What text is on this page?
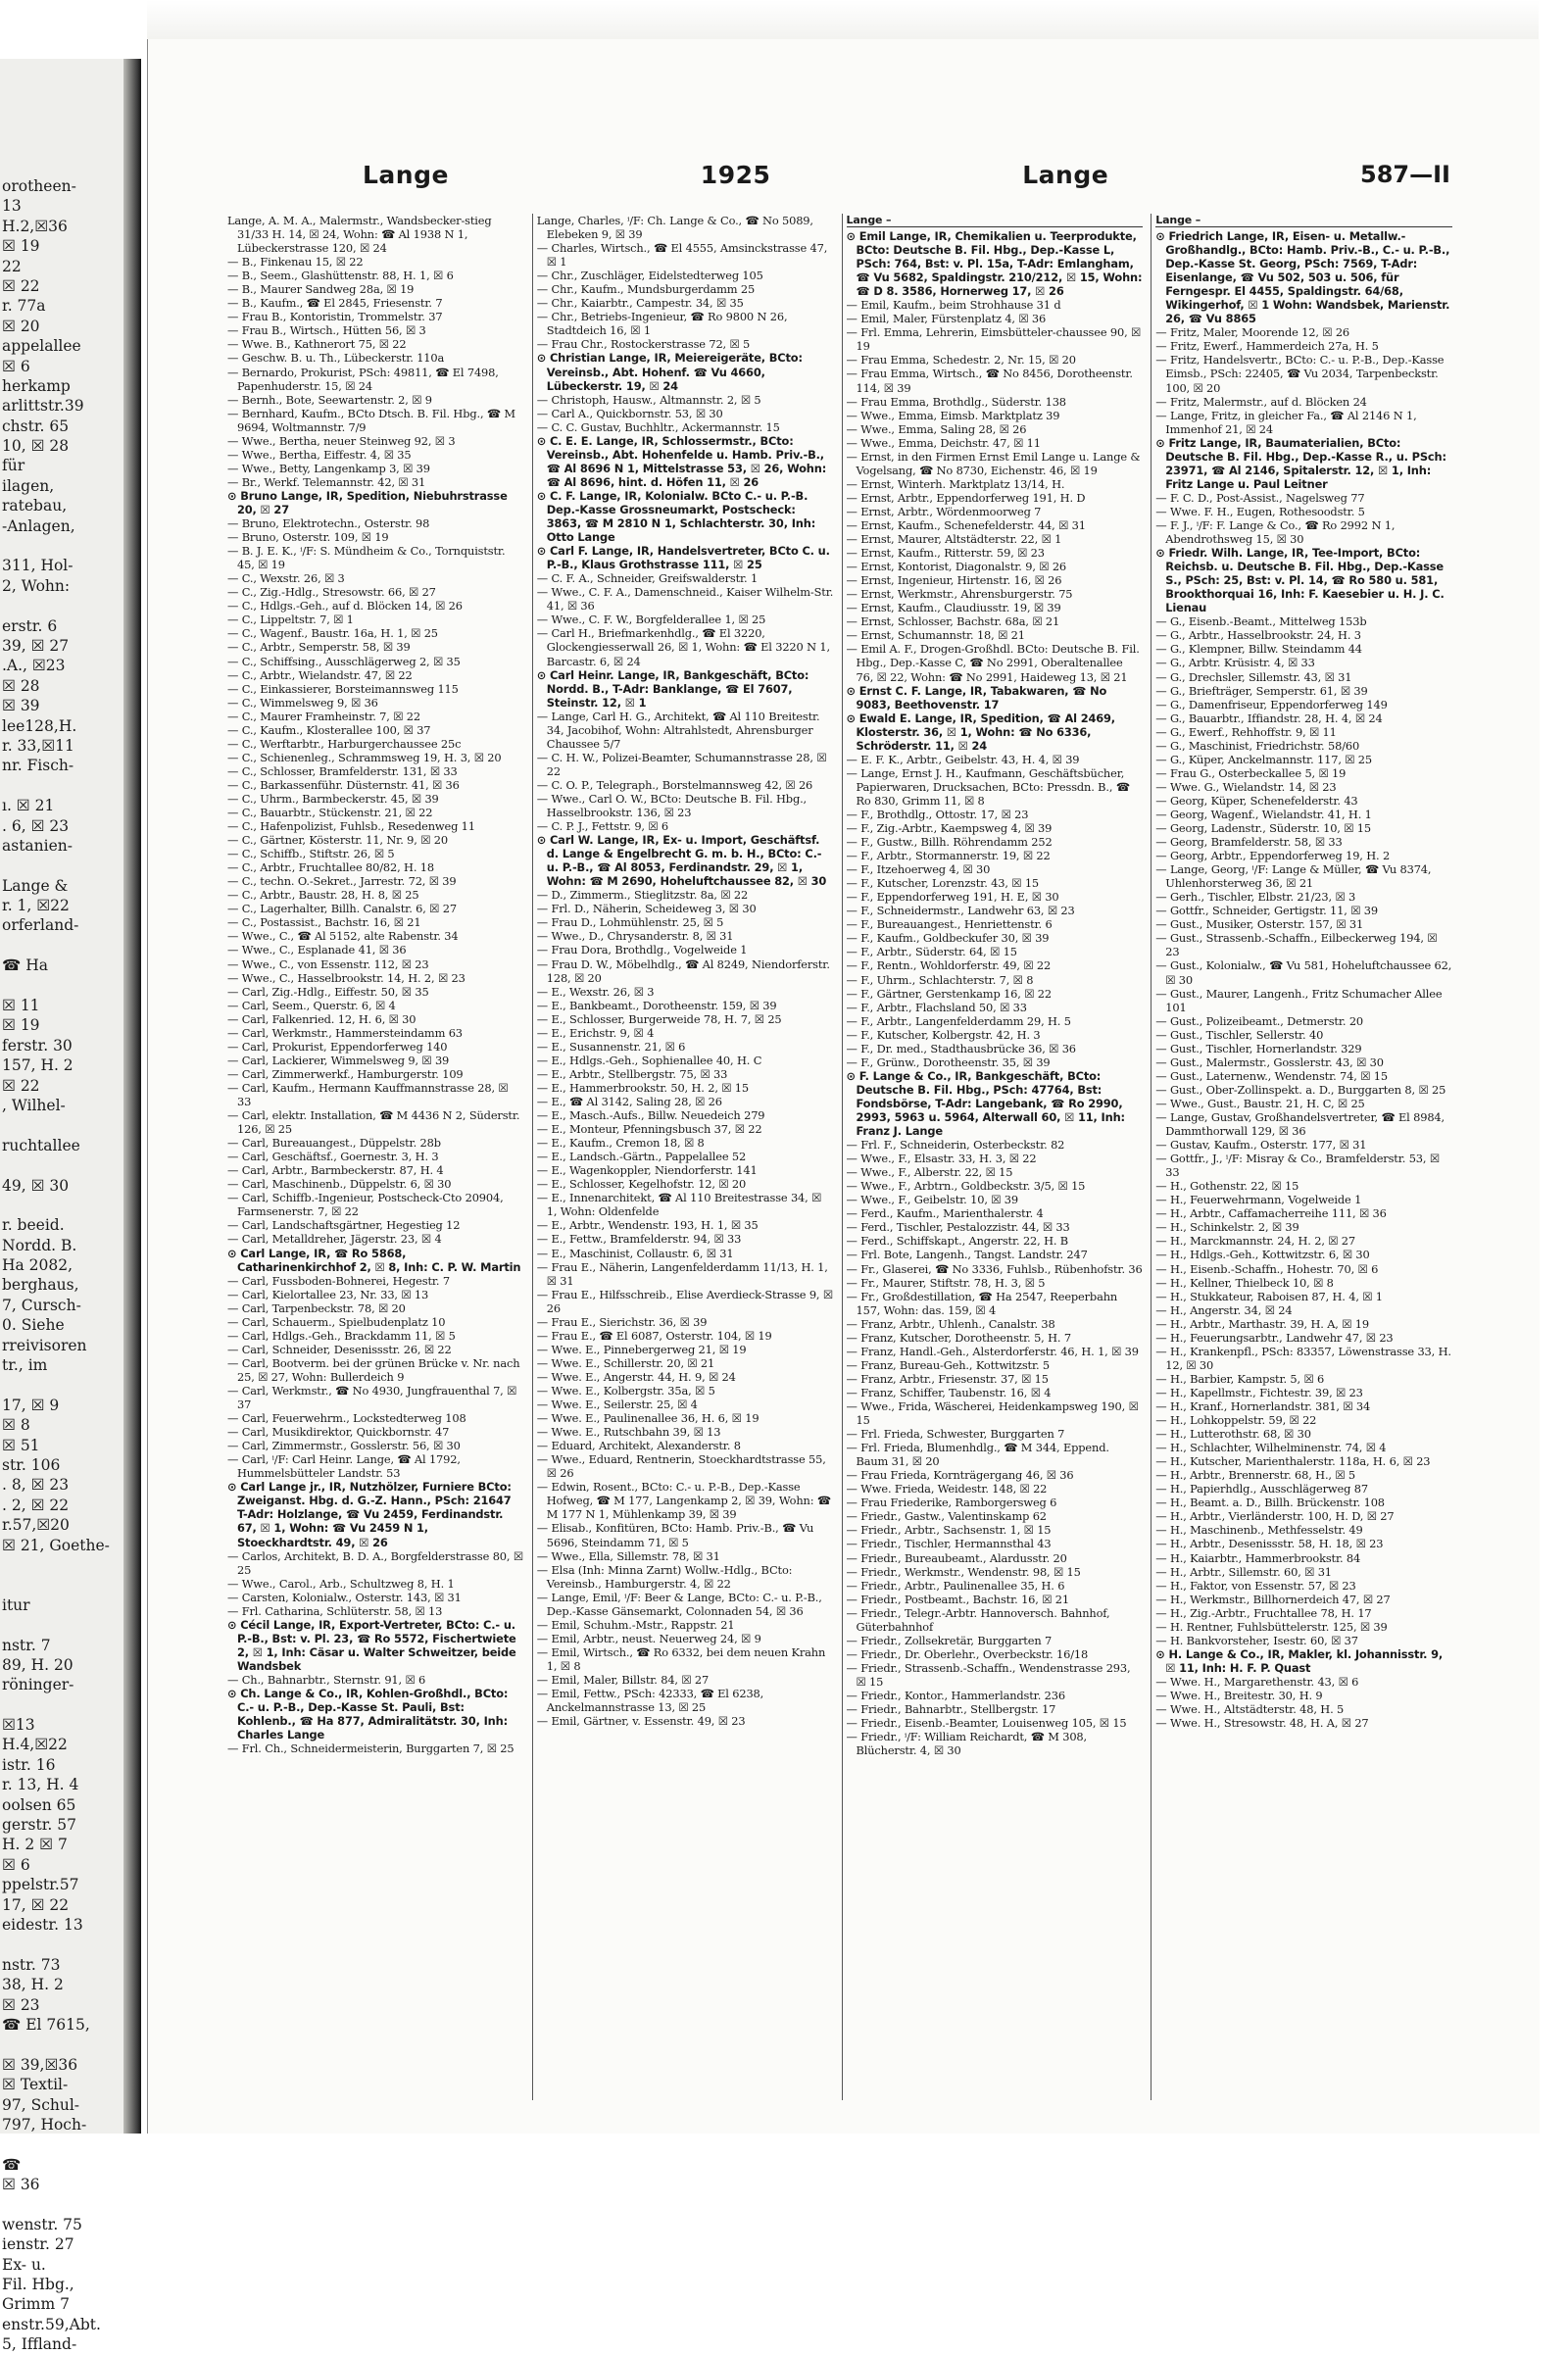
orotheen-
13
H.2,☒36
☒ 19
22
☒ 22
r. 77a
☒ 20
appelallee
☒ 6
herkamp
arlittstr.39
chstr. 65
10, ☒ 28
für
ilagen,
ratebau,
-Anlagen,
311, Hol-
2, Wohn:
erstr. 6
39, ☒ 27
.A., ☒23
☒ 28
☒ 39
lee128,H.
r. 33,☒11
nr. Fisch-
ı. ☒ 21
. 6, ☒ 23
astanien-
Lange &
r. 1, ☒22
orferland-
☎ Ha
☒ 11
☒ 19
ferstr. 30
157, H. 2
☒ 22
, Wilhel-
ruchtallee
49, ☒ 30
r. beeid.
Nordd. B.
Ha 2082,
berghaus,
7, Cursch-
0. Siehe
rreivisoren
tr., im
17, ☒ 9
☒ 8
☒ 51
str. 106
. 8, ☒ 23
. 2, ☒ 22
r.57,☒20
☒ 21, Goethe-
itur
nstr. 7
89, H. 20
röninger-
☒13
H.4,☒22
istr. 16
r. 13, H. 4
oolsen 65
gerstr. 57
H. 2 ☒ 7
☒ 6
ppelstr.57
17, ☒ 22
eidestr. 13
nstr. 73
38, H. 2
☒ 23
☎ El 7615,
☒ 39,☒36
☒ Textil-
97, Schul-
797, Hoch-
☎
☒ 36
wenstr. 75
ienstr. 27
Ex- u.
Fil. Hbg.,
Grimm 7
enstr.59,Abt.
5, Iffland-
Lange	1925	Lange	587—II
Lange, A. M. A., Malermstr., Wandsbecker-stieg 31/33 H. 14, ☒ 24, Wohn: ☎ Al 1938 N 1, Lübeckerstrasse 120, ☒ 24
— B., Finkenau 15, ☒ 22
— B., Seem., Glashüttenstr. 88, H. 1, ☒ 6
— B., Maurer Sandweg 28a, ☒ 19
— B., Kaufm., ☎ El 2845, Friesenstr. 7
— Frau B., Kontoristin, Trommelstr. 37
— Frau B., Wirtsch., Hütten 56, ☒ 3
— Wwe. B., Kathnerort 75, ☒ 22
— Geschw. B. u. Th., Lübeckerstr. 110a
— Bernardo, Prokurist, PSch: 49811, ☎ El 7498, Papenhuderstr. 15, ☒ 24
— Bernh., Bote, Seewartenstr. 2, ☒ 9
— Bernhard, Kaufm., BCto Dtsch. B. Fil. Hbg., ☎ M 9694, Woltmannstr. 7/9
— Wwe., Bertha, neuer Steinweg 92, ☒ 3
— Wwe., Bertha, Eiffestr. 4, ☒ 35
— Wwe., Betty, Langenkamp 3, ☒ 39
— Br., Werkf. Telemannstr. 42, ☒ 31
⊙ Bruno Lange, IR, Spedition, Niebuhrstrasse 20, ☒ 27
— Bruno, Elektrotechn., Osterstr. 98
— Bruno, Osterstr. 109, ☒ 19
— B. J. E. K., ⁱ/F: S. Mündheim & Co., Tornquiststr. 45, ☒ 19
— C., Wexstr. 26, ☒ 3
— C., Zig.-Hdlg., Stresowstr. 66, ☒ 27
— C., Hdlgs.-Geh., auf d. Blöcken 14, ☒ 26
— C., Lippeltstr. 7, ☒ 1
— C., Wagenf., Baustr. 16a, H. 1, ☒ 25
— C., Arbtr., Semperstr. 58, ☒ 39
— C., Schiffsing., Ausschlägerweg 2, ☒ 35
— C., Arbtr., Wielandstr. 47, ☒ 22
— C., Einkassierer, Borsteimannsweg 115
— C., Wimmelsweg 9, ☒ 36
— C., Maurer Framheinstr. 7, ☒ 22
— C., Kaufm., Klosterallee 100, ☒ 37
— C., Werftarbtr., Harburgerchaussee 25c
— C., Schienenleg., Schrammsweg 19, H. 3, ☒ 20
— C., Schlosser, Bramfelderstr. 131, ☒ 33
— C., Barkassenführ. Düsternstr. 41, ☒ 36
— C., Uhrm., Barmbeckerstr. 45, ☒ 39
— C., Bauarbtr., Stückenstr. 21, ☒ 22
— C., Hafenpolizist, Fuhlsb., Resedenweg 11
— C., Gärtner, Kösterstr. 11, Nr. 9, ☒ 20
— C., Schiffb., Stiftstr. 26, ☒ 5
— C., Arbtr., Fruchtallee 80/82, H. 18
— C., techn. O.-Sekret., Jarrestr. 72, ☒ 39
— C., Arbtr., Baustr. 28, H. 8, ☒ 25
— C., Lagerhalter, Billh. Canalstr. 6, ☒ 27
— C., Postassist., Bachstr. 16, ☒ 21
— Wwe., C., ☎ Al 5152, alte Rabenstr. 34
— Wwe., C., Esplanade 41, ☒ 36
— Wwe., C., von Essenstr. 112, ☒ 23
— Wwe., C., Hasselbrookstr. 14, H. 2, ☒ 23
— Carl, Zig.-Hdlg., Eiffestr. 50, ☒ 35
— Carl, Seem., Querstr. 6, ☒ 4
— Carl, Falkenried. 12, H. 6, ☒ 30
— Carl, Werkmstr., Hammersteindamm 63
— Carl, Prokurist, Eppendorferweg 140
— Carl, Lackierer, Wimmelsweg 9, ☒ 39
— Carl, Zimmerwerkf., Hamburgerstr. 109
— Carl, Kaufm., Hermann Kauffmannstrasse 28, ☒ 33
— Carl, elektr. Installation, ☎ M 4436 N 2, Süderstr. 126, ☒ 25
— Carl, Bureauangest., Düppelstr. 28b
— Carl, Geschäftsf., Goernestr. 3, H. 3
— Carl, Arbtr., Barmbeckerstr. 87, H. 4
— Carl, Maschinenb., Düppelstr. 6, ☒ 30
— Carl, Schiffb.-Ingenieur, Postscheck-Cto 20904, Farmsenerstr. 7, ☒ 22
— Carl, Landschaftsgärtner, Hegestieg 12
— Carl, Metalldreher, Jägerstr. 23, ☒ 4
⊙ Carl Lange, IR, ☎ Ro 5868, Catharinenkirchhof 2, ☒ 8, Inh: C. P. W. Martin
— Carl, Fussboden-Bohnerei, Hegestr. 7
— Carl, Kielortallee 23, Nr. 33, ☒ 13
— Carl, Tarpenbeckstr. 78, ☒ 20
— Carl, Schauerm., Spielbudenplatz 10
— Carl, Hdlgs.-Geh., Brackdamm 11, ☒ 5
— Carl, Schneider, Desenissstr. 26, ☒ 22
— Carl, Bootverm. bei der grünen Brücke v. Nr. nach 25, ☒ 27, Wohn: Bullerdeich 9
— Carl, Werkmstr., ☎ No 4930, Jungfrauenthal 7, ☒ 37
— Carl, Feuerwehrm., Lockstedterweg 108
— Carl, Musikdirektor, Quickbornstr. 47
— Carl, Zimmermstr., Gosslerstr. 56, ☒ 30
— Carl, ⁱ/F: Carl Heinr. Lange, ☎ Al 1792, Hummelsbütteler Landstr. 53
⊙ Carl Lange jr., IR, Nutzhölzer, Furniere BCto: Zweiganst. Hbg. d. G.-Z. Hann., PSch: 21647 T-Adr: Holzlange, ☎ Vu 2459, Ferdinandstr. 67, ☒ 1, Wohn: ☎ Vu 2459 N 1, Stoeckhardtstr. 49, ☒ 26
— Carlos, Architekt, B. D. A., Borgfelderstrasse 80, ☒ 25
— Wwe., Carol., Arb., Schultzweg 8, H. 1
— Carsten, Kolonialw., Osterstr. 143, ☒ 31
— Frl. Catharina, Schlüterstr. 58, ☒ 13
⊙ Cécil Lange, IR, Export-Vertreter, BCto: C.- u. P.-B., Bst: v. Pl. 23, ☎ Ro 5572, Fischertwiete 2, ☒ 1, Inh: Cäsar u. Walter Schweitzer, beide Wandsbek
— Ch., Bahnarbtr., Sternstr. 91, ☒ 6
⊙ Ch. Lange & Co., IR, Kohlen-Großhdl., BCto: C.- u. P.-B., Dep.-Kasse St. Pauli, Bst: Kohlenb., ☎ Ha 877, Admiralitätstr. 30, Inh: Charles Lange
— Frl. Ch., Schneidermeisterin, Burggarten 7, ☒ 25
Lange, Charles, ⁱ/F: Ch. Lange & Co., ☎ No 5089, Elebeken 9, ☒ 39
— Charles, Wirtsch., ☎ El 4555, Amsinckstrasse 47, ☒ 1
— Chr., Zuschläger, Eidelstedterweg 105
— Chr., Kaufm., Mundsburgerdamm 25
— Chr., Kaiarbtr., Campestr. 34, ☒ 35
— Chr., Betriebs-Ingenieur, ☎ Ro 9800 N 26, Stadtdeich 16, ☒ 1
— Frau Chr., Rostockerstrasse 72, ☒ 5
⊙ Christian Lange, IR, Meiereigeräte, BCto: Vereinsb., Abt. Hohenf. ☎ Vu 4660, Lübeckerstr. 19, ☒ 24
— Christoph, Hausw., Altmannstr. 2, ☒ 5
— Carl A., Quickbornstr. 53, ☒ 30
— C. C. Gustav, Buchhltr., Ackermannstr. 15
⊙ C. E. E. Lange, IR, Schlossermstr., BCto: Vereinsb., Abt. Hohenfelde u. Hamb. Priv.-B., ☎ Al 8696 N 1, Mittelstrasse 53, ☒ 26, Wohn: ☎ Al 8696, hint. d. Höfen 11, ☒ 26
⊙ C. F. Lange, IR, Kolonialw. BCto C.- u. P.-B. Dep.-Kasse Grossneumarkt, Postscheck: 3863, ☎ M 2810 N 1, Schlachterstr. 30, Inh: Otto Lange
⊙ Carl F. Lange, IR, Handelsvertreter, BCto C. u. P.-B., Klaus Grothstrasse 111, ☒ 25
— C. F. A., Schneider, Greifswalderstr. 1
— Wwe., C. F. A., Damenschneid., Kaiser Wilhelm-Str. 41, ☒ 36
— Wwe., C. F. W., Borgfelderallee 1, ☒ 25
— Carl H., Briefmarkenhdlg., ☎ El 3220, Glockengiesserwall 26, ☒ 1, Wohn: ☎ El 3220 N 1, Barcastr. 6, ☒ 24
⊙ Carl Heinr. Lange, IR, Bankgeschäft, BCto: Nordd. B., T-Adr: Banklange, ☎ El 7607, Steinstr. 12, ☒ 1
— Lange, Carl H. G., Architekt, ☎ Al 110 Breitestr. 34, Jacobihof, Wohn: Altrahlstedt, Ahrensburger Chaussee 5/7
— C. H. W., Polizei-Beamter, Schumannstrasse 28, ☒ 22
— C. O. P., Telegraph., Borstelmannsweg 42, ☒ 26
— Wwe., Carl O. W., BCto: Deutsche B. Fil. Hbg., Hasselbrookstr. 136, ☒ 23
— C. P. J., Fettstr. 9, ☒ 6
⊙ Carl W. Lange, IR, Ex- u. Import, Geschäftsf. d. Lange & Engelbrecht G. m. b. H., BCto: C.- u. P.-B., ☎ Al 8053, Ferdinandstr. 29, ☒ 1, Wohn: ☎ M 2690, Hoheluftchaussee 82, ☒ 30
— D., Zimmerm., Stieglitzstr. 8a, ☒ 22
— Frl. D., Näherin, Scheideweg 3, ☒ 30
— Frau D., Lohmühlenstr. 25, ☒ 5
— Wwe., D., Chrysanderstr. 8, ☒ 31
— Frau Dora, Brothdlg., Vogelweide 1
— Frau D. W., Möbelhdlg., ☎ Al 8249, Niendorferstr. 128, ☒ 20
— E., Wexstr. 26, ☒ 3
— E., Bankbeamt., Dorotheenstr. 159, ☒ 39
— E., Schlosser, Burgerweide 78, H. 7, ☒ 25
— E., Erichstr. 9, ☒ 4
— E., Susannenstr. 21, ☒ 6
— E., Hdlgs.-Geh., Sophienallee 40, H. C
— E., Arbtr., Stellbergstr. 75, ☒ 33
— E., Hammerbrookstr. 50, H. 2, ☒ 15
— E., ☎ Al 3142, Saling 28, ☒ 26
— E., Masch.-Aufs., Billw. Neuedeich 279
— E., Monteur, Pfenningsbusch 37, ☒ 22
— E., Kaufm., Cremon 18, ☒ 8
— E., Landsch.-Gärtn., Pappelallee 52
— E., Wagenkoppler, Niendorferstr. 141
— E., Schlosser, Kegelhofstr. 12, ☒ 20
— E., Innenarchitekt, ☎ Al 110 Breitestrasse 34, ☒ 1, Wohn: Oldenfelde
— E., Arbtr., Wendenstr. 193, H. 1, ☒ 35
— E., Fettw., Bramfelderstr. 94, ☒ 33
— E., Maschinist, Collaustr. 6, ☒ 31
— Frau E., Näherin, Langenfelderdamm 11/13, H. 1, ☒ 31
— Frau E., Hilfsschreib., Elise Averdieck-Strasse 9, ☒ 26
— Frau E., Sierichstr. 36, ☒ 39
— Frau E., ☎ El 6087, Osterstr. 104, ☒ 19
— Wwe. E., Pinnebergerweg 21, ☒ 19
— Wwe. E., Schillerstr. 20, ☒ 21
— Wwe. E., Angerstr. 44, H. 9, ☒ 24
— Wwe. E., Kolbergstr. 35a, ☒ 5
— Wwe. E., Seilerstr. 25, ☒ 4
— Wwe. E., Paulinenallee 36, H. 6, ☒ 19
— Wwe. E., Rutschbahn 39, ☒ 13
— Eduard, Architekt, Alexanderstr. 8
— Wwe., Eduard, Rentnerin, Stoeckhardtstrasse 55, ☒ 26
— Edwin, Rosent., BCto: C.- u. P.-B., Dep.-Kasse Hofweg, ☎ M 177, Langenkamp 2, ☒ 39, Wohn: ☎ M 177 N 1, Mühlenkamp 39, ☒ 39
— Elisab., Konfitüren, BCto: Hamb. Priv.-B., ☎ Vu 5696, Steindamm 71, ☒ 5
— Wwe., Ella, Sillemstr. 78, ☒ 31
— Elsa (Inh: Minna Zarnt) Wollw.-Hdlg., BCto: Vereinsb., Hamburgerstr. 4, ☒ 22
— Lange, Emil, ⁱ/F: Beer & Lange, BCto: C.- u. P.-B., Dep.-Kasse Gänsemarkt, Colonnaden 54, ☒ 36
— Emil, Schuhm.-Mstr., Rappstr. 21
— Emil, Arbtr., neust. Neuerweg 24, ☒ 9
— Emil, Wirtsch., ☎ Ro 6332, bei dem neuen Krahn 1, ☒ 8
— Emil, Maler, Billstr. 84, ☒ 27
— Emil, Fettw., PSch: 42333, ☎ El 6238, Anckelmannstrasse 13, ☒ 25
— Emil, Gärtner, v. Essenstr. 49, ☒ 23
Lange –
⊙ Emil Lange, IR, Chemikalien u. Teerprodukte, BCto: Deutsche B. Fil. Hbg., Dep.-Kasse L, PSch: 764, Bst: v. Pl. 15a, T-Adr: Emlangham, ☎ Vu 5682, Spaldingstr. 210/212, ☒ 15, Wohn: ☎ D 8. 3586, Hornerweg 17, ☒ 26
— Emil, Kaufm., beim Strohhause 31 d
— Emil, Maler, Fürstenplatz 4, ☒ 36
— Frl. Emma, Lehrerin, Eimsbütteler-chaussee 90, ☒ 19
— Frau Emma, Schedestr. 2, Nr. 15, ☒ 20
— Frau Emma, Wirtsch., ☎ No 8456, Dorotheenstr. 114, ☒ 39
— Frau Emma, Brothdlg., Süderstr. 138
— Wwe., Emma, Eimsb. Marktplatz 39
— Wwe., Emma, Saling 28, ☒ 26
— Wwe., Emma, Deichstr. 47, ☒ 11
— Ernst, in den Firmen Ernst Emil Lange u. Lange & Vogelsang, ☎ No 8730, Eichenstr. 46, ☒ 19
— Ernst, Winterh. Marktplatz 13/14, H.
— Ernst, Arbtr., Eppendorferweg 191, H. D
— Ernst, Arbtr., Wördenmoorweg 7
— Ernst, Kaufm., Schenefelderstr. 44, ☒ 31
— Ernst, Maurer, Altstädterstr. 22, ☒ 1
— Ernst, Kaufm., Ritterstr. 59, ☒ 23
— Ernst, Kontorist, Diagonalstr. 9, ☒ 26
— Ernst, Ingenieur, Hirtenstr. 16, ☒ 26
— Ernst, Werkmstr., Ahrensburgerstr. 75
— Ernst, Kaufm., Claudiusstr. 19, ☒ 39
— Ernst, Schlosser, Bachstr. 68a, ☒ 21
— Ernst, Schumannstr. 18, ☒ 21
— Emil A. F., Drogen-Großhdl. BCto: Deutsche B. Fil. Hbg., Dep.-Kasse C, ☎ No 2991, Oberaltenallee 76, ☒ 22, Wohn: ☎ No 2991, Haideweg 13, ☒ 21
⊙ Ernst C. F. Lange, IR, Tabakwaren, ☎ No 9083, Beethovenstr. 17
⊙ Ewald E. Lange, IR, Spedition, ☎ Al 2469, Klosterstr. 36, ☒ 1, Wohn: ☎ No 6336, Schröderstr. 11, ☒ 24
— E. F. K., Arbtr., Geibelstr. 43, H. 4, ☒ 39
— Lange, Ernst J. H., Kaufmann, Geschäftsbücher, Papierwaren, Drucksachen, BCto: Pressdn. B., ☎ Ro 830, Grimm 11, ☒ 8
— F., Brothdlg., Ottostr. 17, ☒ 23
— F., Zig.-Arbtr., Kaempsweg 4, ☒ 39
— F., Gustw., Billh. Röhrendamm 252
— F., Arbtr., Stormannerstr. 19, ☒ 22
— F., Itzehoerweg 4, ☒ 30
— F., Kutscher, Lorenzstr. 43, ☒ 15
— F., Eppendorferweg 191, H. E, ☒ 30
— F., Schneidermstr., Landwehr 63, ☒ 23
— F., Bureauangest., Henriettenstr. 6
— F., Kaufm., Goldbeckufer 30, ☒ 39
— F., Arbtr., Süderstr. 64, ☒ 15
— F., Rentn., Wohldorferstr. 49, ☒ 22
— F., Uhrm., Schlachterstr. 7, ☒ 8
— F., Gärtner, Gerstenkamp 16, ☒ 22
— F., Arbtr., Flachsland 50, ☒ 33
— F., Arbtr., Langenfelderdamm 29, H. 5
— F., Kutscher, Kolbergstr. 42, H. 3
— F., Dr. med., Stadthausbrücke 36, ☒ 36
— F., Grünw., Dorotheenstr. 35, ☒ 39
⊙ F. Lange & Co., IR, Bankgeschäft, BCto: Deutsche B. Fil. Hbg., PSch: 47764, Bst: Fondsbörse, T-Adr: Langebank, ☎ Ro 2990, 2993, 5963 u. 5964, Alterwall 60, ☒ 11, Inh: Franz J. Lange
— Frl. F., Schneiderin, Osterbeckstr. 82
— Wwe., F., Elsastr. 33, H. 3, ☒ 22
— Wwe., F., Alberstr. 22, ☒ 15
— Wwe., F., Arbtrn., Goldbeckstr. 3/5, ☒ 15
— Wwe., F., Geibelstr. 10, ☒ 39
— Ferd., Kaufm., Marienthalerstr. 4
— Ferd., Tischler, Pestalozzistr. 44, ☒ 33
— Ferd., Schiffskapt., Angerstr. 22, H. B
— Frl. Bote, Langenh., Tangst. Landstr. 247
— Fr., Glaserei, ☎ No 3336, Fuhlsb., Rübenhofstr. 36
— Fr., Maurer, Stiftstr. 78, H. 3, ☒ 5
— Fr., Großdestillation, ☎ Ha 2547, Reeperbahn 157, Wohn: das. 159, ☒ 4
— Franz, Arbtr., Uhlenh., Canalstr. 38
— Franz, Kutscher, Dorotheenstr. 5, H. 7
— Franz, Handl.-Geh., Alsterdorferstr. 46, H. 1, ☒ 39
— Franz, Bureau-Geh., Kottwitzstr. 5
— Franz, Arbtr., Friesenstr. 37, ☒ 15
— Franz, Schiffer, Taubenstr. 16, ☒ 4
— Wwe., Frida, Wäscherei, Heidenkampsweg 190, ☒ 15
— Frl. Frieda, Schwester, Burggarten 7
— Frl. Frieda, Blumenhdlg., ☎ M 344, Eppend. Baum 31, ☒ 20
— Frau Frieda, Kornträgergang 46, ☒ 36
— Wwe. Frieda, Weidestr. 148, ☒ 22
— Frau Friederike, Ramborgersweg 6
— Friedr., Gastw., Valentinskamp 62
— Friedr., Arbtr., Sachsenstr. 1, ☒ 15
— Friedr., Tischler, Hermannsthal 43
— Friedr., Bureaubeamt., Alardusstr. 20
— Friedr., Werkmstr., Wendenstr. 98, ☒ 15
— Friedr., Arbtr., Paulinenallee 35, H. 6
— Friedr., Postbeamt., Bachstr. 16, ☒ 21
— Friedr., Telegr.-Arbtr. Hannoversch. Bahnhof, Güterbahnhof
— Friedr., Zollsekretär, Burggarten 7
— Friedr., Dr. Oberlehr., Overbeckstr. 16/18
— Friedr., Strassenb.-Schaffn., Wendenstrasse 293, ☒ 15
— Friedr., Kontor., Hammerlandstr. 236
— Friedr., Bahnarbtr., Stellbergstr. 17
— Friedr., Eisenb.-Beamter, Louisenweg 105, ☒ 15
— Friedr., ⁱ/F: William Reichardt, ☎ M 308, Blücherstr. 4, ☒ 30
Lange –
⊙ Friedrich Lange, IR, Eisen- u. Metallw.-Großhandlg., BCto: Hamb. Priv.-B., C.- u. P.-B., Dep.-Kasse St. Georg, PSch: 7569, T-Adr: Eisenlange, ☎ Vu 502, 503 u. 506, für Ferngespr. El 4455, Spaldingstr. 64/68, Wikingerhof, ☒ 1 Wohn: Wandsbek, Marienstr. 26, ☎ Vu 8865
— Fritz, Maler, Moorende 12, ☒ 26
— Fritz, Ewerf., Hammerdeich 27a, H. 5
— Fritz, Handelsvertr., BCto: C.- u. P.-B., Dep.-Kasse Eimsb., PSch: 22405, ☎ Vu 2034, Tarpenbeckstr. 100, ☒ 20
— Fritz, Malermstr., auf d. Blöcken 24
— Lange, Fritz, in gleicher Fa., ☎ Al 2146 N 1, Immenhof 21, ☒ 24
⊙ Fritz Lange, IR, Baumaterialien, BCto: Deutsche B. Fil. Hbg., Dep.-Kasse R., u. PSch: 23971, ☎ Al 2146, Spitalerstr. 12, ☒ 1, Inh: Fritz Lange u. Paul Leitner
— F. C. D., Post-Assist., Nagelsweg 77
— Wwe. F. H., Eugen, Rothesoodstr. 5
— F. J., ⁱ/F: F. Lange & Co., ☎ Ro 2992 N 1, Abendrothsweg 15, ☒ 30
⊙ Friedr. Wilh. Lange, IR, Tee-Import, BCto: Reichsb. u. Deutsche B. Fil. Hbg., Dep.-Kasse S., PSch: 25, Bst: v. Pl. 14, ☎ Ro 580 u. 581, Brookthorquai 16, Inh: F. Kaesebier u. H. J. C. Lienau
— G., Eisenb.-Beamt., Mittelweg 153b
— G., Arbtr., Hasselbrookstr. 24, H. 3
— G., Klempner, Billw. Steindamm 44
— G., Arbtr. Krüsistr. 4, ☒ 33
— G., Drechsler, Sillemstr. 43, ☒ 31
— G., Briefträger, Semperstr. 61, ☒ 39
— G., Damenfriseur, Eppendorferweg 149
— G., Bauarbtr., Iffiandstr. 28, H. 4, ☒ 24
— G., Ewerf., Rehhoffstr. 9, ☒ 11
— G., Maschinist, Friedrichstr. 58/60
— G., Küper, Anckelmannstr. 117, ☒ 25
— Frau G., Osterbeckallee 5, ☒ 19
— Wwe. G., Wielandstr. 14, ☒ 23
— Georg, Küper, Schenefelderstr. 43
— Georg, Wagenf., Wielandstr. 41, H. 1
— Georg, Ladenstr., Süderstr. 10, ☒ 15
— Georg, Bramfelderstr. 58, ☒ 33
— Georg, Arbtr., Eppendorferweg 19, H. 2
— Lange, Georg, ⁱ/F: Lange & Müller, ☎ Vu 8374, Uhlenhorsterweg 36, ☒ 21
— Gerh., Tischler, Elbstr. 21/23, ☒ 3
— Gottfr., Schneider, Gertigstr. 11, ☒ 39
— Gust., Musiker, Osterstr. 157, ☒ 31
— Gust., Strassenb.-Schaffn., Eilbeckerweg 194, ☒ 23
— Gust., Kolonialw., ☎ Vu 581, Hoheluftchaussee 62, ☒ 30
— Gust., Maurer, Langenh., Fritz Schumacher Allee 101
— Gust., Polizeibeamt., Detmerstr. 20
— Gust., Tischler, Sellerstr. 40
— Gust., Tischler, Hornerlandstr. 329
— Gust., Malermstr., Gosslerstr. 43, ☒ 30
— Gust., Laternenw., Wendenstr. 74, ☒ 15
— Gust., Ober-Zollinspekt. a. D., Burggarten 8, ☒ 25
— Wwe., Gust., Baustr. 21, H. C, ☒ 25
— Lange, Gustav, Großhandelsvertreter, ☎ El 8984, Dammthorwall 129, ☒ 36
— Gustav, Kaufm., Osterstr. 177, ☒ 31
— Gottfr., J., ⁱ/F: Misray & Co., Bramfelderstr. 53, ☒ 33
— H., Gothenstr. 22, ☒ 15
— H., Feuerwehrmann, Vogelweide 1
— H., Arbtr., Caffamacherreihe 111, ☒ 36
— H., Schinkelstr. 2, ☒ 39
— H., Marckmannstr. 24, H. 2, ☒ 27
— H., Hdlgs.-Geh., Kottwitzstr. 6, ☒ 30
— H., Eisenb.-Schaffn., Hohestr. 70, ☒ 6
— H., Kellner, Thielbeck 10, ☒ 8
— H., Stukkateur, Raboisen 87, H. 4, ☒ 1
— H., Angerstr. 34, ☒ 24
— H., Arbtr., Marthastr. 39, H. A, ☒ 19
— H., Feuerungsarbtr., Landwehr 47, ☒ 23
— H., Krankenpfl., PSch: 83357, Löwenstrasse 33, H. 12, ☒ 30
— H., Barbier, Kampstr. 5, ☒ 6
— H., Kapellmstr., Fichtestr. 39, ☒ 23
— H., Kranf., Hornerlandstr. 381, ☒ 34
— H., Lohkoppelstr. 59, ☒ 22
— H., Lutterothstr. 68, ☒ 30
— H., Schlachter, Wilhelminenstr. 74, ☒ 4
— H., Kutscher, Marienthalerstr. 118a, H. 6, ☒ 23
— H., Arbtr., Brennerstr. 68, H., ☒ 5
— H., Papierhdlg., Ausschlägerweg 87
— H., Beamt. a. D., Billh. Brückenstr. 108
— H., Arbtr., Vierländerstr. 100, H. D, ☒ 27
— H., Maschinenb., Methfesselstr. 49
— H., Arbtr., Desenissstr. 58, H. 18, ☒ 23
— H., Kaiarbtr., Hammerbrookstr. 84
— H., Arbtr., Sillemstr. 60, ☒ 31
— H., Faktor, von Essenstr. 57, ☒ 23
— H., Werkmstr., Billhornerdeich 47, ☒ 27
— H., Zig.-Arbtr., Fruchtallee 78, H. 17
— H. Rentner, Fuhlsbüttelerstr. 125, ☒ 39
— H. Bankvorsteher, Isestr. 60, ☒ 37
⊙ H. Lange & Co., IR, Makler, kl. Johannisstr. 9, ☒ 11, Inh: H. F. P. Quast
— Wwe. H., Margarethenstr. 43, ☒ 6
— Wwe. H., Breitestr. 30, H. 9
— Wwe. H., Altstädterstr. 48, H. 5
— Wwe. H., Stresowstr. 48, H. A, ☒ 27
